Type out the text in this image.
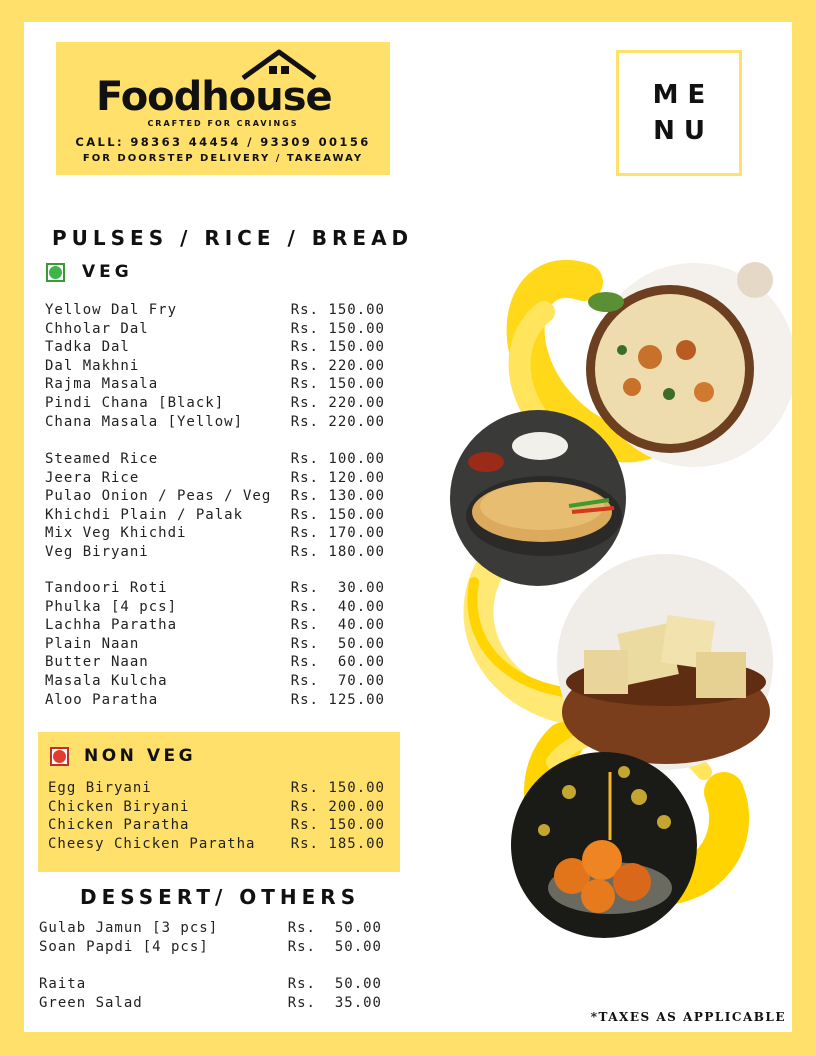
Foodhouse
CRAFTED FOR CRAVINGS
CALL: 98363 44454 / 93309 00156
FOR DOORSTEP DELIVERY / TAKEAWAY
ME
NU
PULSES / RICE / BREAD
VEG
Yellow Dal Fry	Rs. 150.00
Chholar Dal	Rs. 150.00
Tadka Dal	Rs. 150.00
Dal Makhni	Rs. 220.00
Rajma Masala	Rs. 150.00
Pindi Chana [Black]	Rs. 220.00
Chana Masala [Yellow]	Rs. 220.00
Steamed Rice	Rs. 100.00
Jeera Rice	Rs. 120.00
Pulao Onion / Peas / Veg Rs. 130.00
Khichdi Plain / Palak	Rs. 150.00
Mix Veg Khichdi	Rs. 170.00
Veg Biryani	Rs. 180.00
Tandoori Roti	Rs.  30.00
Phulka [4 pcs]	Rs.  40.00
Lachha Paratha	Rs.  40.00
Plain Naan	Rs.  50.00
Butter Naan	Rs.  60.00
Masala Kulcha	Rs.  70.00
Aloo Paratha	Rs. 125.00
NON VEG
Egg Biryani	Rs. 150.00
Chicken Biryani	Rs. 200.00
Chicken Paratha	Rs. 150.00
Cheesy Chicken Paratha	Rs. 185.00
DESSERT/ OTHERS
Gulab Jamun [3 pcs]	Rs.  50.00
Soan Papdi [4 pcs]	Rs.  50.00
Raita	Rs.  50.00
Green Salad	Rs.  35.00
*TAXES AS APPLICABLE
